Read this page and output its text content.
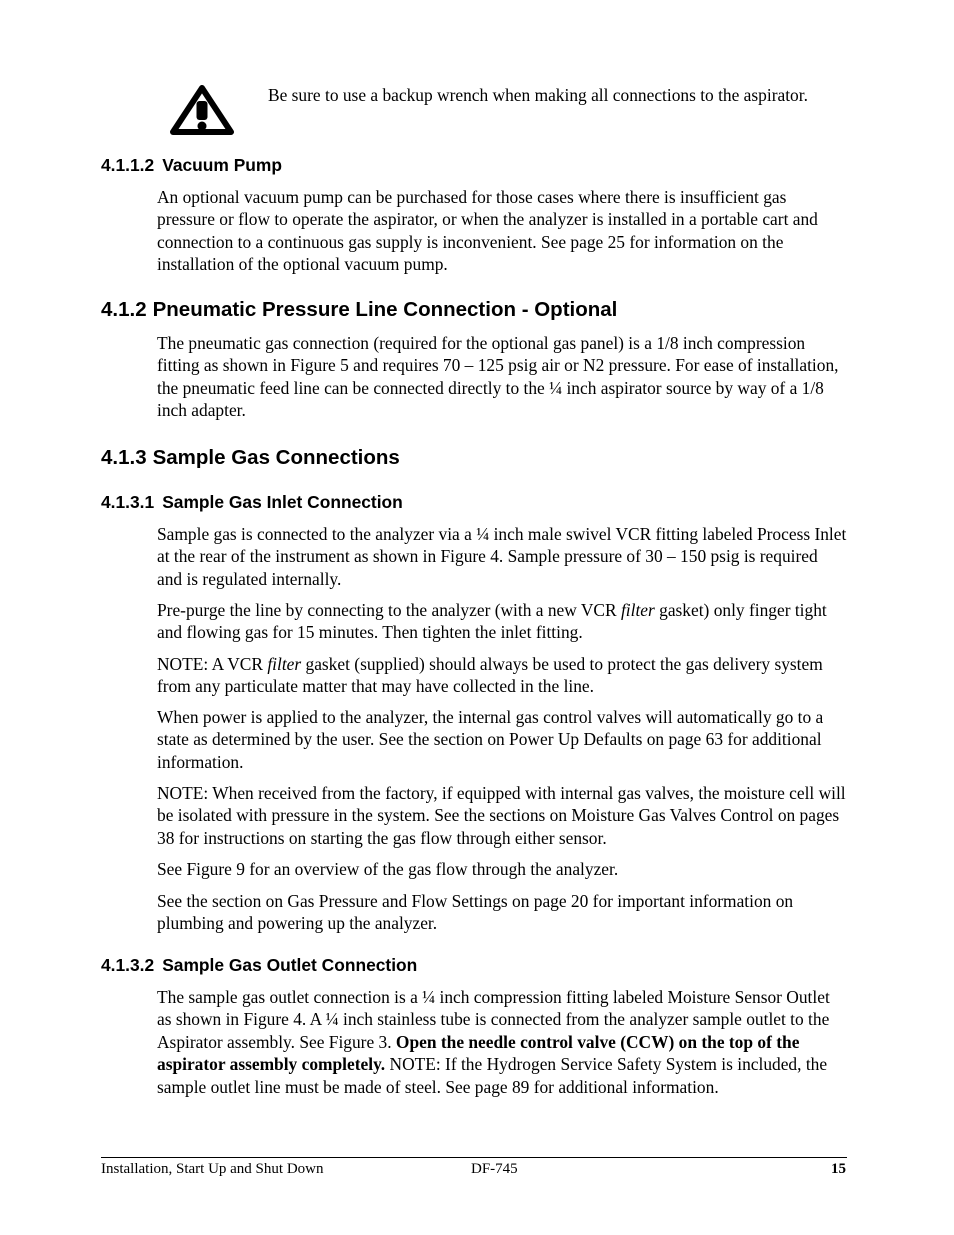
Be sure to use a backup wrench when making all connections to the aspirator.
4.1.1.2 Vacuum Pump

An optional vacuum pump can be purchased for those cases where there is insufficient gas pressure or flow to operate the aspirator, or when the analyzer is installed in a portable cart and connection to a continuous gas supply is inconvenient. See page 25 for information on the installation of the optional vacuum pump.

4.1.2 Pneumatic Pressure Line Connection - Optional

The pneumatic gas connection (required for the optional gas panel) is a 1/8 inch compression fitting as shown in Figure 5 and requires 70 – 125 psig air or N2 pressure. For ease of installation, the pneumatic feed line can be connected directly to the ¼ inch aspirator source by way of a 1/8 inch adapter.

4.1.3 Sample Gas Connections
4.1.3.1 Sample Gas Inlet Connection

Sample gas is connected to the analyzer via a ¼ inch male swivel VCR fitting labeled Process Inlet at the rear of the instrument as shown in Figure 4. Sample pressure of 30 – 150 psig is required and is regulated internally.

Pre-purge the line by connecting to the analyzer (with a new VCR filter gasket) only finger tight and flowing gas for 15 minutes. Then tighten the inlet fitting.

NOTE: A VCR filter gasket (supplied) should always be used to protect the gas delivery system from any particulate matter that may have collected in the line.

When power is applied to the analyzer, the internal gas control valves will automatically go to a state as determined by the user. See the section on Power Up Defaults on page 63 for additional information.

NOTE: When received from the factory, if equipped with internal gas valves, the moisture cell will be isolated with pressure in the system. See the sections on Moisture Gas Valves Control on pages 38 for instructions on starting the gas flow through either sensor.

See Figure 9 for an overview of the gas flow through the analyzer.

See the section on Gas Pressure and Flow Settings on page 20 for important information on plumbing and powering up the analyzer.

4.1.3.2 Sample Gas Outlet Connection

The sample gas outlet connection is a ¼ inch compression fitting labeled Moisture Sensor Outlet as shown in Figure 4. A ¼ inch stainless tube is connected from the analyzer sample outlet to the Aspirator assembly. See Figure 3. Open the needle control valve (CCW) on the top of the aspirator assembly completely. NOTE: If the Hydrogen Service Safety System is included, the sample outlet line must be made of steel. See page 89 for additional information.

Installation, Start Up and Shut Down	DF-745	15
